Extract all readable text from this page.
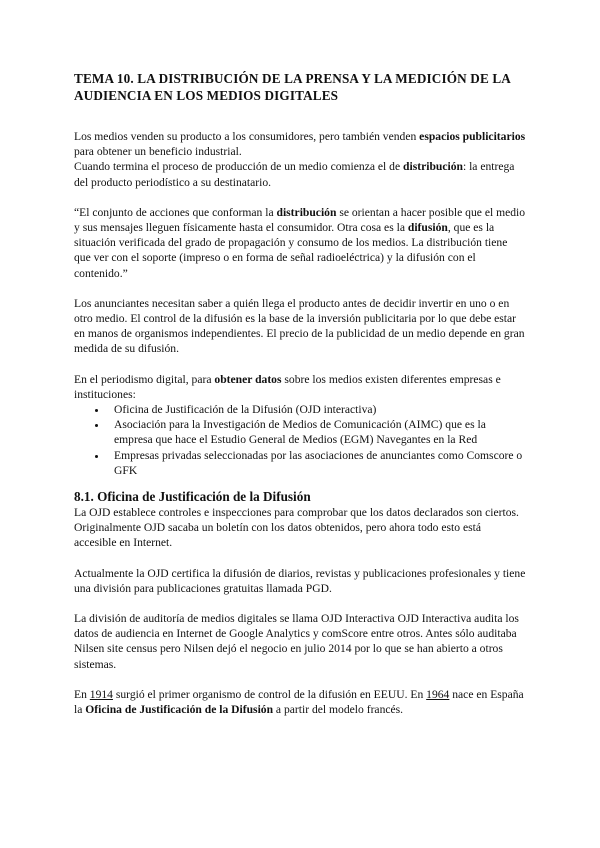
TEMA 10. LA DISTRIBUCIÓN DE LA PRENSA Y LA MEDICIÓN DE LA AUDIENCIA EN LOS MEDIOS DIGITALES

Los medios venden su producto a los consumidores, pero también venden espacios publicitarios para obtener un beneficio industrial.

Cuando termina el proceso de producción de un medio comienza el de distribución: la entrega del producto periodístico a su destinatario.

“El conjunto de acciones que conforman la distribución se orientan a hacer posible que el medio y sus mensajes lleguen físicamente hasta el consumidor. Otra cosa es la difusión, que es la situación verificada del grado de propagación y consumo de los medios. La distribución tiene que ver con el soporte (impreso o en forma de señal radioeléctrica) y la difusión con el contenido.”

Los anunciantes necesitan saber a quién llega el producto antes de decidir invertir en uno o en otro medio. El control de la difusión es la base de la inversión publicitaria por lo que debe estar en manos de organismos independientes. El precio de la publicidad de un medio depende en gran medida de su difusión.

En el periodismo digital, para obtener datos sobre los medios existen diferentes empresas e instituciones:

• Oficina de Justificación de la Difusión (OJD interactiva)
• Asociación para la Investigación de Medios de Comunicación (AIMC) que es la empresa que hace el Estudio General de Medios (EGM) Navegantes en la Red
• Empresas privadas seleccionadas por las asociaciones de anunciantes como Comscore o GFK
8.1. Oficina de Justificación de la Difusión

La OJD establece controles e inspecciones para comprobar que los datos declarados son ciertos. Originalmente OJD sacaba un boletín con los datos obtenidos, pero ahora todo esto está accesible en Internet.

Actualmente la OJD certifica la difusión de diarios, revistas y publicaciones profesionales y tiene una división para publicaciones gratuitas llamada PGD.

La división de auditoría de medios digitales se llama OJD Interactiva OJD Interactiva audita los datos de audiencia en Internet de Google Analytics y comScore entre otros. Antes sólo auditaba Nilsen site census pero Nilsen dejó el negocio en julio 2014 por lo que se han abierto a otros sistemas.

En 1914 surgió el primer organismo de control de la difusión en EEUU. En 1964 nace en España la Oficina de Justificación de la Difusión a partir del modelo francés.
